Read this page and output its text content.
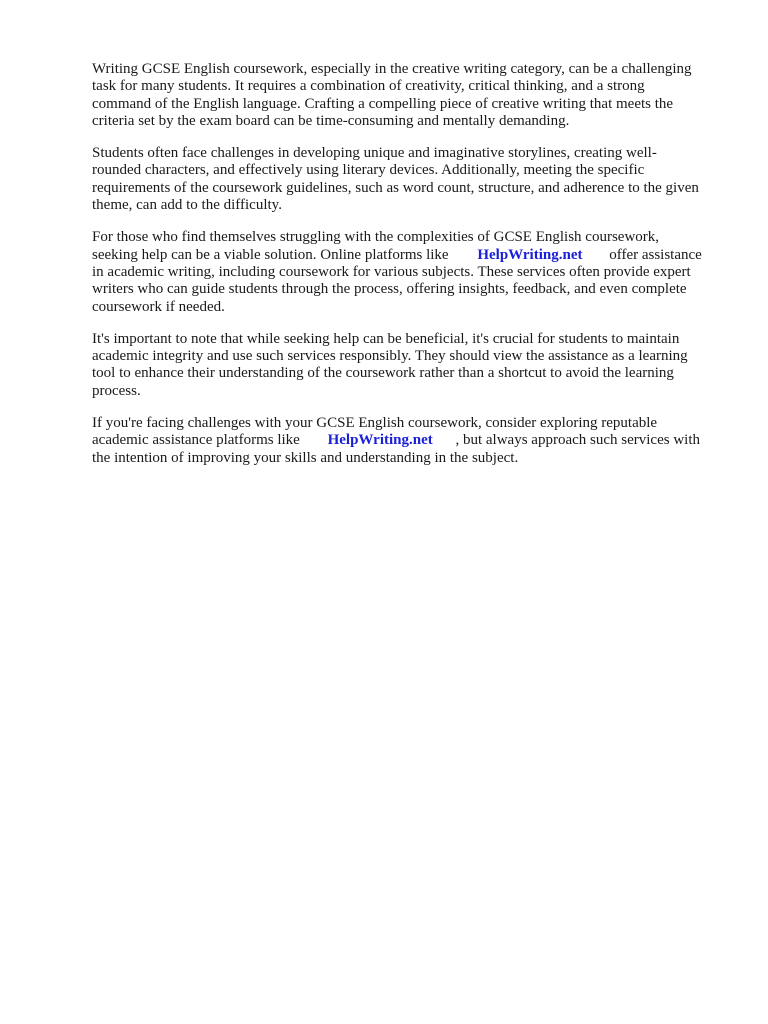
Writing GCSE English coursework, especially in the creative writing category, can be a challenging
task for many students. It requires a combination of creativity, critical thinking, and a strong
command of the English language. Crafting a compelling piece of creative writing that meets the
criteria set by the exam board can be time-consuming and mentally demanding.

Students often face challenges in developing unique and imaginative storylines, creating well-
rounded characters, and effectively using literary devices. Additionally, meeting the specific
requirements of the coursework guidelines, such as word count, structure, and adherence to the given
theme, can add to the difficulty.

For those who find themselves struggling with the complexities of GCSE English coursework,
seeking help can be a viable solution. Online platforms like HelpWriting.net offer assistance
in academic writing, including coursework for various subjects. These services often provide expert
writers who can guide students through the process, offering insights, feedback, and even complete
coursework if needed.

It's important to note that while seeking help can be beneficial, it's crucial for students to maintain
academic integrity and use such services responsibly. They should view the assistance as a learning
tool to enhance their understanding of the coursework rather than a shortcut to avoid the learning
process.

If you're facing challenges with your GCSE English coursework, consider exploring reputable
academic assistance platforms like HelpWriting.net , but always approach such services with
the intention of improving your skills and understanding in the subject.
